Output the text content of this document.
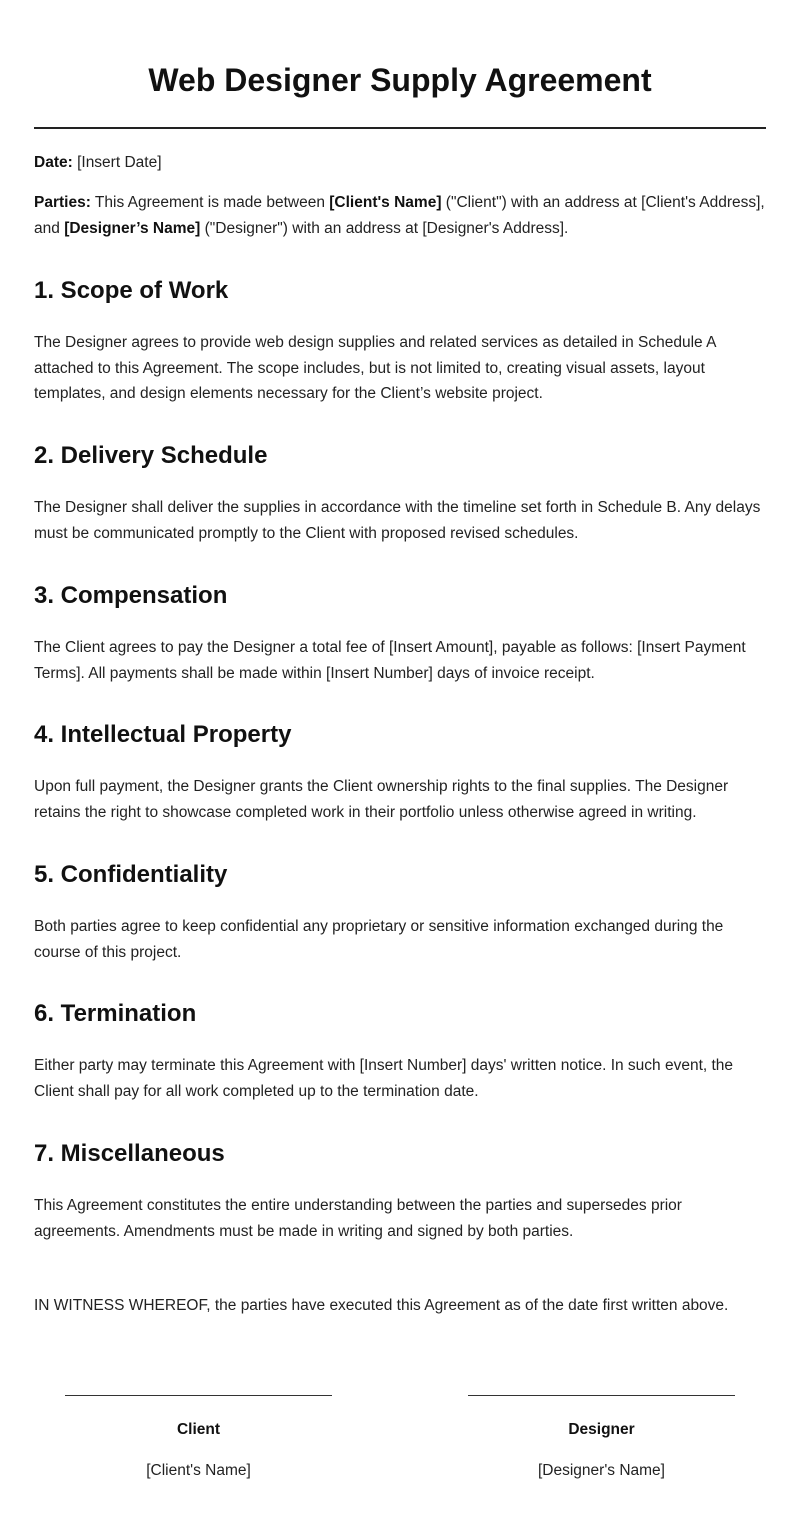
Web Designer Supply Agreement

Date: [Insert Date]

Parties: This Agreement is made between [Client's Name] ("Client") with an address at [Client's Address], and [Designer’s Name] ("Designer") with an address at [Designer's Address].

1. Scope of Work

The Designer agrees to provide web design supplies and related services as detailed in Schedule A attached to this Agreement. The scope includes, but is not limited to, creating visual assets, layout templates, and design elements necessary for the Client’s website project.

2. Delivery Schedule

The Designer shall deliver the supplies in accordance with the timeline set forth in Schedule B. Any delays must be communicated promptly to the Client with proposed revised schedules.

3. Compensation

The Client agrees to pay the Designer a total fee of [Insert Amount], payable as follows: [Insert Payment Terms]. All payments shall be made within [Insert Number] days of invoice receipt.

4. Intellectual Property

Upon full payment, the Designer grants the Client ownership rights to the final supplies. The Designer retains the right to showcase completed work in their portfolio unless otherwise agreed in writing.

5. Confidentiality

Both parties agree to keep confidential any proprietary or sensitive information exchanged during the course of this project.

6. Termination

Either party may terminate this Agreement with [Insert Number] days' written notice. In such event, the Client shall pay for all work completed up to the termination date.

7. Miscellaneous

This Agreement constitutes the entire understanding between the parties and supersedes prior agreements. Amendments must be made in writing and signed by both parties.

IN WITNESS WHEREOF, the parties have executed this Agreement as of the date first written above.

Client
[Client's Name]
Designer
[Designer's Name]
